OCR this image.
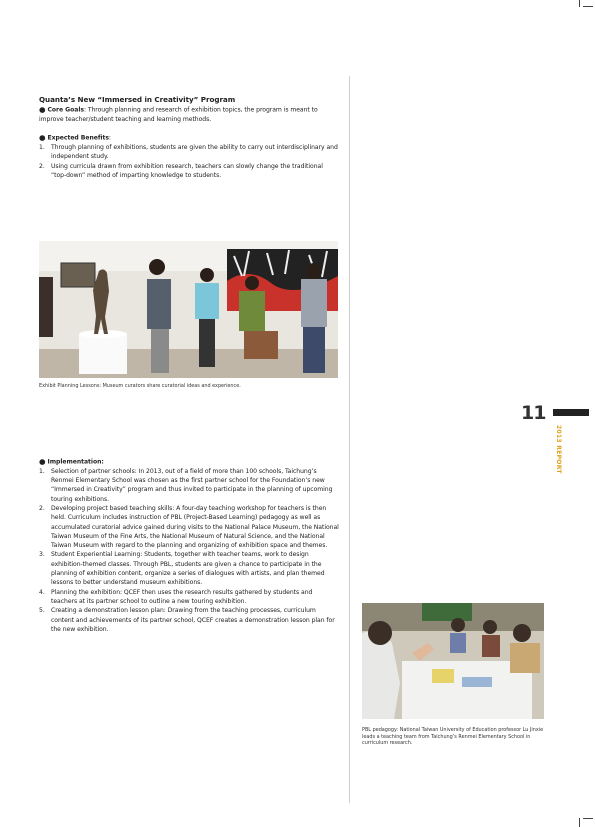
Quanta’s New “Immersed in Creativity” Program

● Core Goals: Through planning and research of exhibition topics, the program is meant to improve teacher/student teaching and learning methods.

● Expected Benefits:

1. Through planning of exhibitions, students are given the ability to carry out interdisciplinary and independent study.
2. Using curricula drawn from exhibition research, teachers can slowly change the traditional “top-down” method of imparting knowledge to students.
Exhibit Planning Lessons: Museum curators share curatorial ideas and experience.
11
2013 REPORT

● Implementation:

1. Selection of partner schools: In 2013, out of a field of more than 100 schools, Taichung’s Renmei Elementary School was chosen as the first partner school for the Foundation’s new “Immersed in Creativity” program and thus invited to participate in the planning of upcoming touring exhibitions.
2. Developing project based teaching skills: A four-day teaching workshop for teachers is then held. Curriculum includes instruction of PBL (Project-Based Learning) pedagogy as well as accumulated curatorial advice gained during visits to the National Palace Museum, the National Taiwan Museum of the Fine Arts, the National Museum of Natural Science, and the National Taiwan Museum with regard to the planning and organizing of exhibition space and themes.
3. Student Experiential Learning: Students, together with teacher teams, work to design exhibition-themed classes. Through PBL, students are given a chance to participate in the planning of exhibition content, organize a series of dialogues with artists, and plan themed lessons to better understand museum exhibitions.
4. Planning the exhibition: QCEF then uses the research results gathered by students and teachers at its partner school to outline a new touring exhibition.
5. Creating a demonstration lesson plan: Drawing from the teaching processes, curriculum content and achievements of its partner school, QCEF creates a demonstration lesson plan for the new exhibition.
PBL pedagogy: National Taiwan University of Education professor Lu Jinxie leads a teaching team from Taichung’s Renmei Elementary School in curriculum research.
